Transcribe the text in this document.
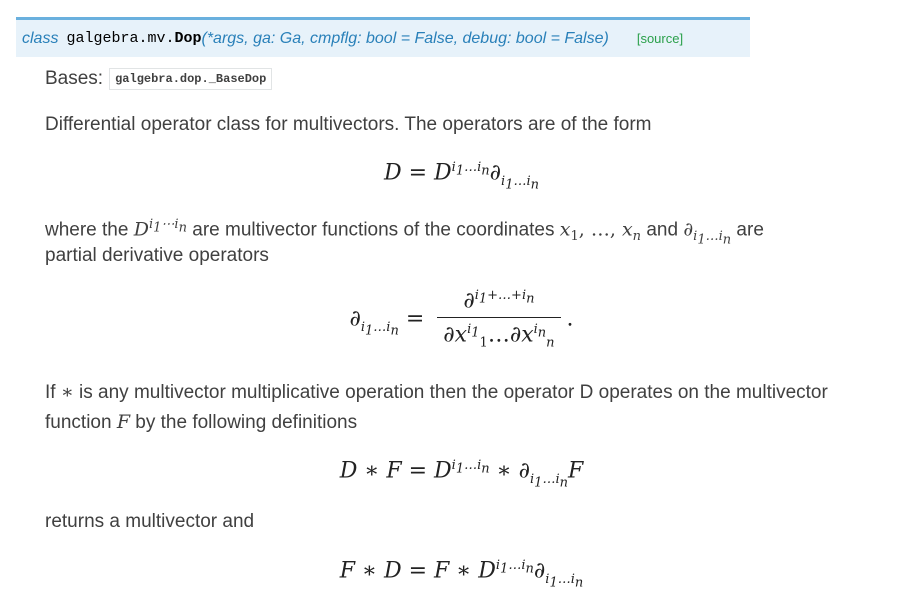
class galgebra.mv. Dop (*args, ga: Ga, cmpflg: bool = False, debug: bool = False) [source]
Bases: galgebra.dop._BaseDop
Differential operator class for multivectors. The operators are of the form
$D = D^{i_1\dots i_n}\partial_{i_1\dots i_n}$
where the $D^{i_1\cdots i_n}$ are multivector functions of the coordinates $x_1$, …, $x_n$ and $\partial_{i_1\dots i_n}$ are
partial derivative operators
$\partial_{i_1\dots i_n} = \frac{\partial^{i_1+\dots+i_n}}{\partial x^{i_1}_1\dots\partial x^{i_n}_n}$ .
If ∗ is any multivector multiplicative operation then the operator D operates on the multivector
function F by the following definitions
D ∗ $F = D^{i_1\dots i_n}$ ∗ $\partial_{i_1\dots i_n}F$
returns a multivector and
F ∗ D = F ∗ $D^{i_1\dots i_n}\partial_{i_1\dots i_n}$
